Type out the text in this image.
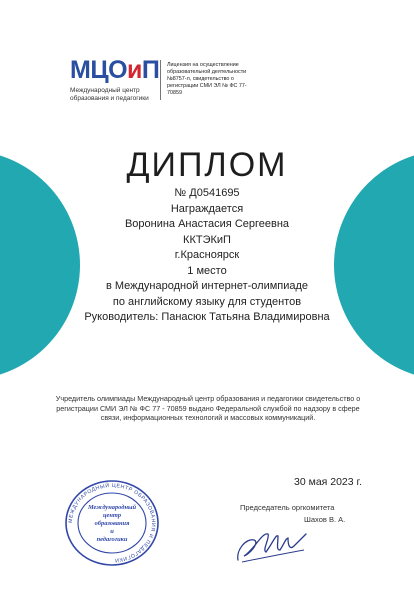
МЦОиП
Международный центр
образования и педагогики
Лицензия на осуществление образовательной деятельности №8757-л, свидетельство о регистрации СМИ ЭЛ № ФС 77-70859
ДИПЛОМ
№ Д0541695
Награждается
Воронина Анастасия Сергеевна
ККТЭКиП
г.Красноярск
1 место
в Международной интернет-олимпиаде
по английскому языку для студентов
Руководитель: Панасюк Татьяна Владимировна
Учредитель олимпиады Международный центр образования и педагогики свидетельство о регистрации СМИ ЭЛ № ФС 77 - 70859 выдано Федеральной службой по надзору в сфере связи, информационных технологий и массовых коммуникаций.
30 мая 2023 г.
Председатель оргкомитета
Шахов В. А.
МЕЖДУНАРОДНЫЙ ЦЕНТР ОБРАЗОВАНИЯ И ПЕДАГОГИКИ
Международный
центр
образования
и
педагогики
